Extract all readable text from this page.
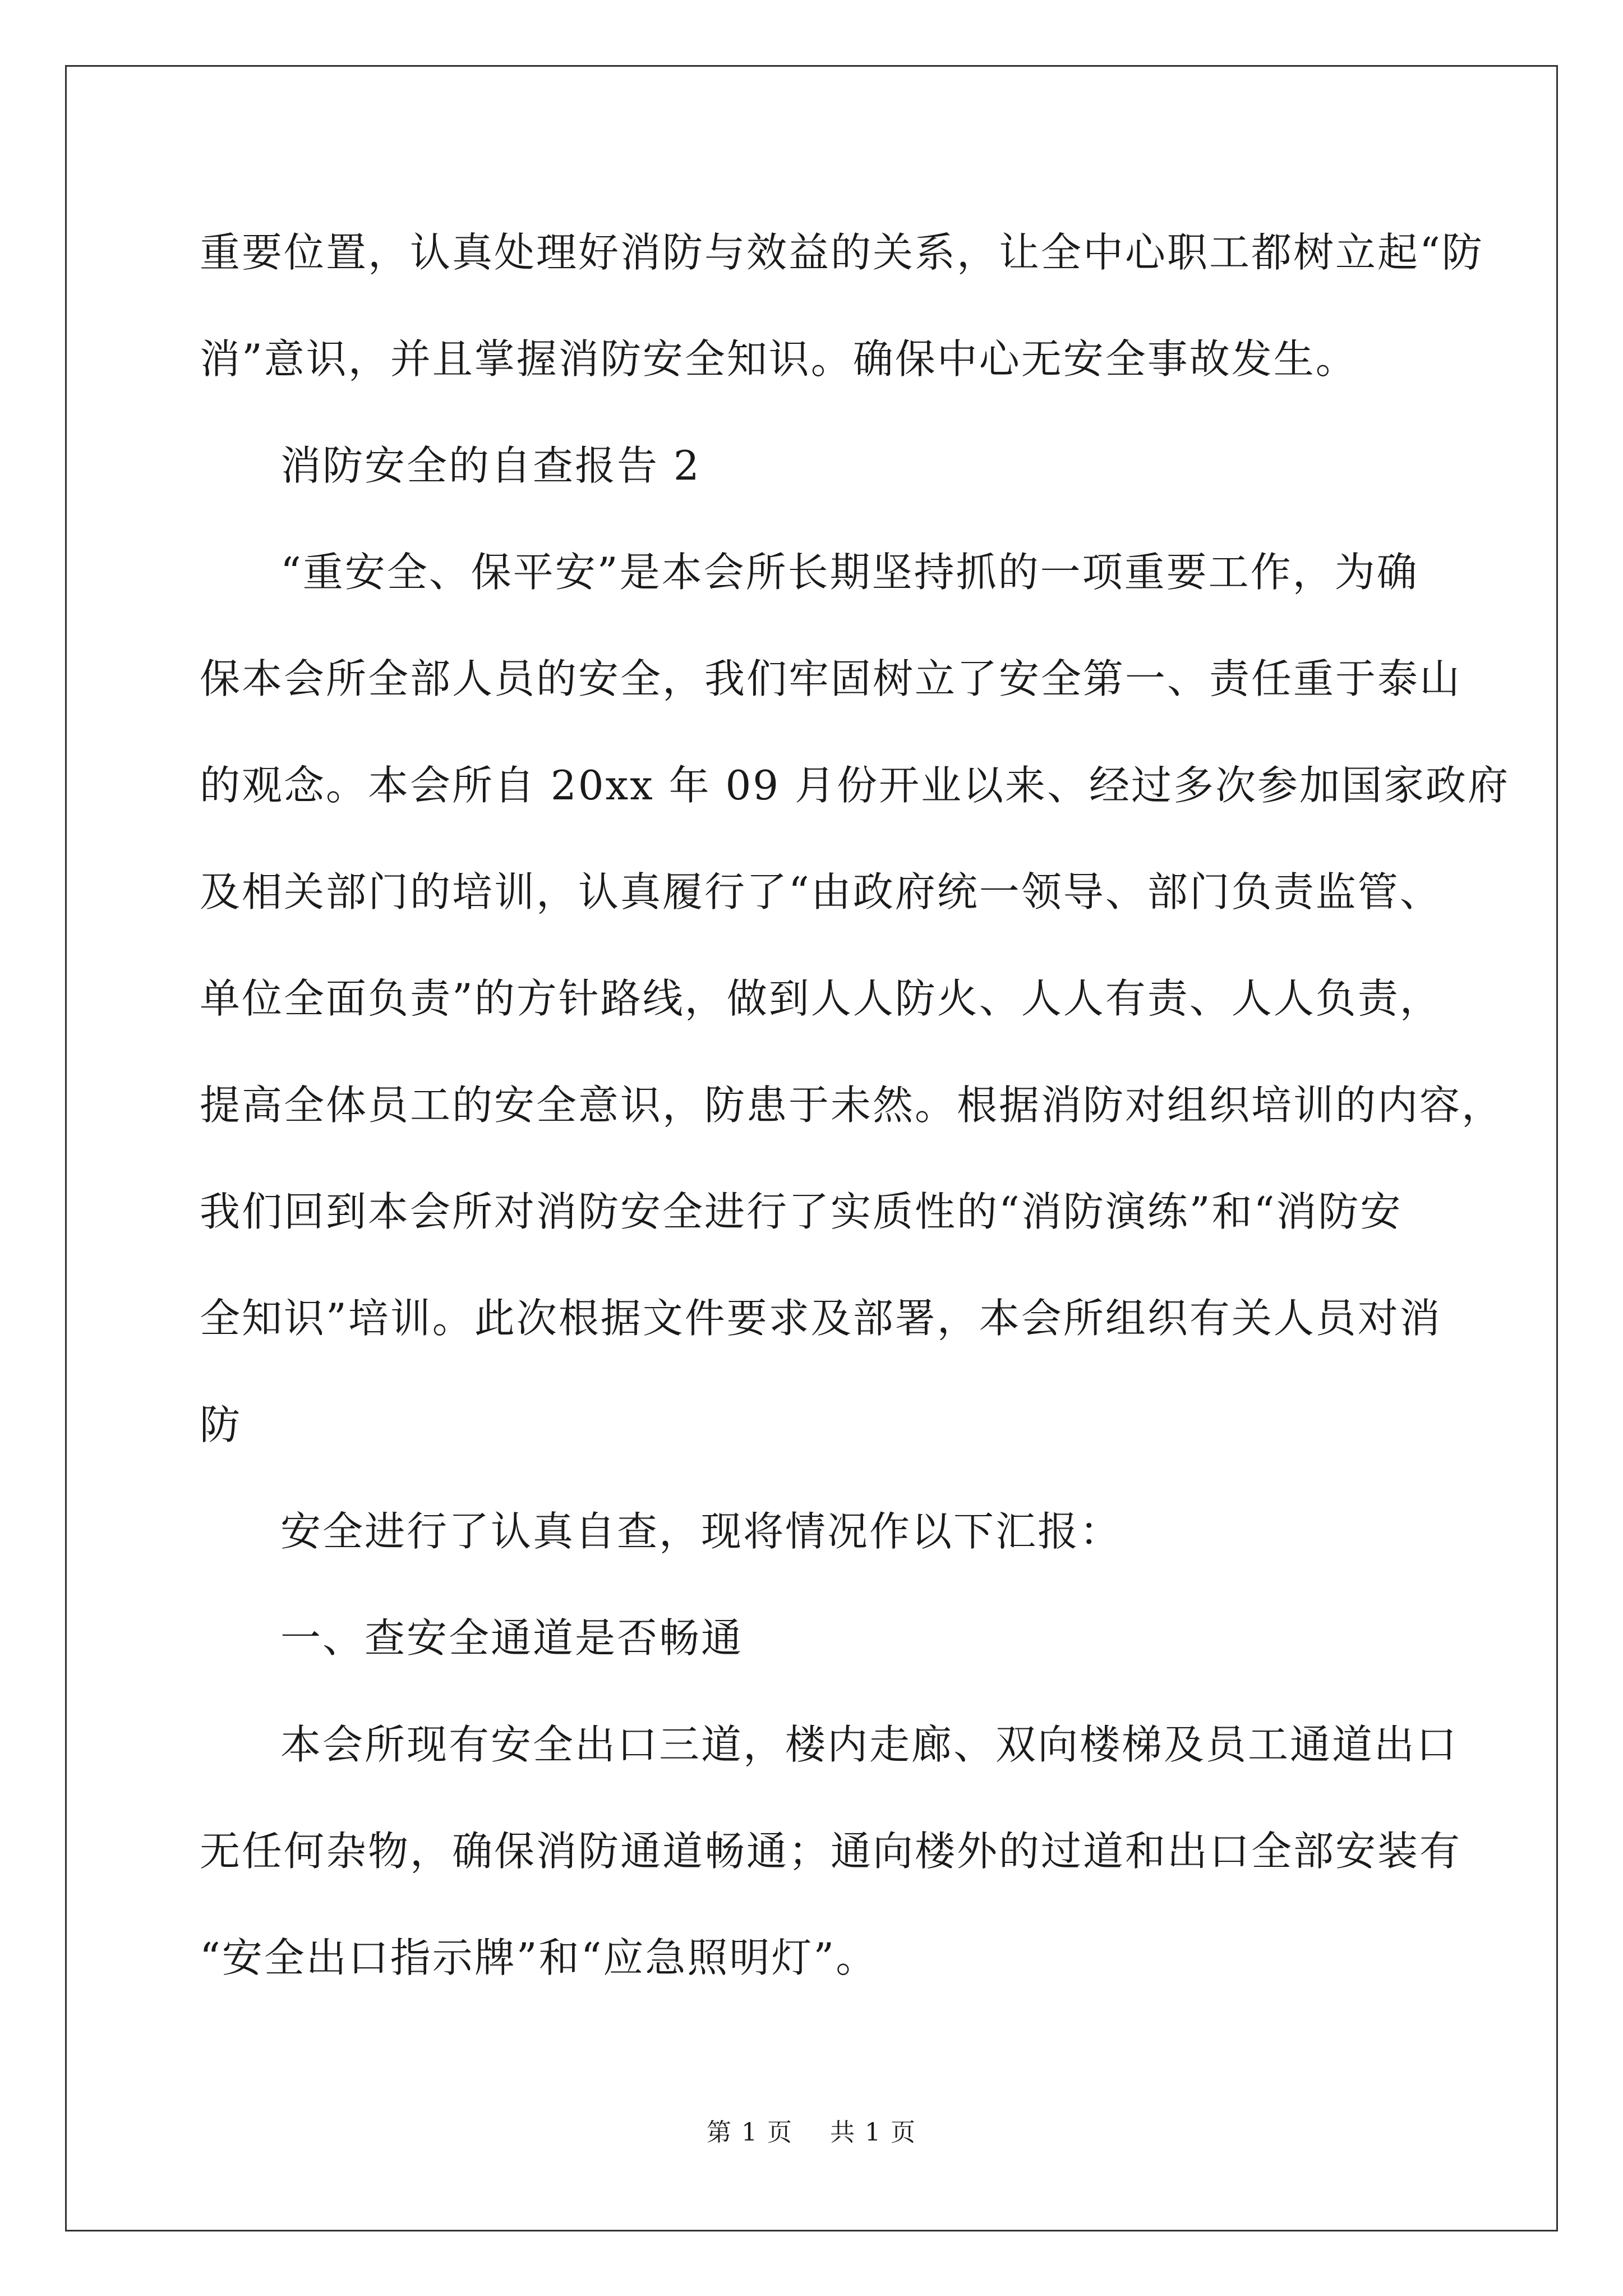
重要位置，认真处理好消防与效益的关系，让全中心职工都树立起“防

消”意识，并且掌握消防安全知识。确保中心无安全事故发生。

消防安全的自查报告 2

“重安全、保平安”是本会所长期坚持抓的一项重要工作，为确

保本会所全部人员的安全，我们牢固树立了安全第一、责任重于泰山

的观念。本会所自 20xx 年 09 月份开业以来、经过多次参加国家政府

及相关部门的培训，认真履行了“由政府统一领导、部门负责监管、

单位全面负责”的方针路线，做到人人防火、人人有责、人人负责，

提高全体员工的安全意识，防患于未然。根据消防对组织培训的内容，

我们回到本会所对消防安全进行了实质性的“消防演练”和“消防安

全知识”培训。此次根据文件要求及部署，本会所组织有关人员对消

防

安全进行了认真自查，现将情况作以下汇报：

一、查安全通道是否畅通

本会所现有安全出口三道，楼内走廊、双向楼梯及员工通道出口

无任何杂物，确保消防通道畅通；通向楼外的过道和出口全部安装有

“安全出口指示牌”和“应急照明灯”。

第 1 页 共 1 页
